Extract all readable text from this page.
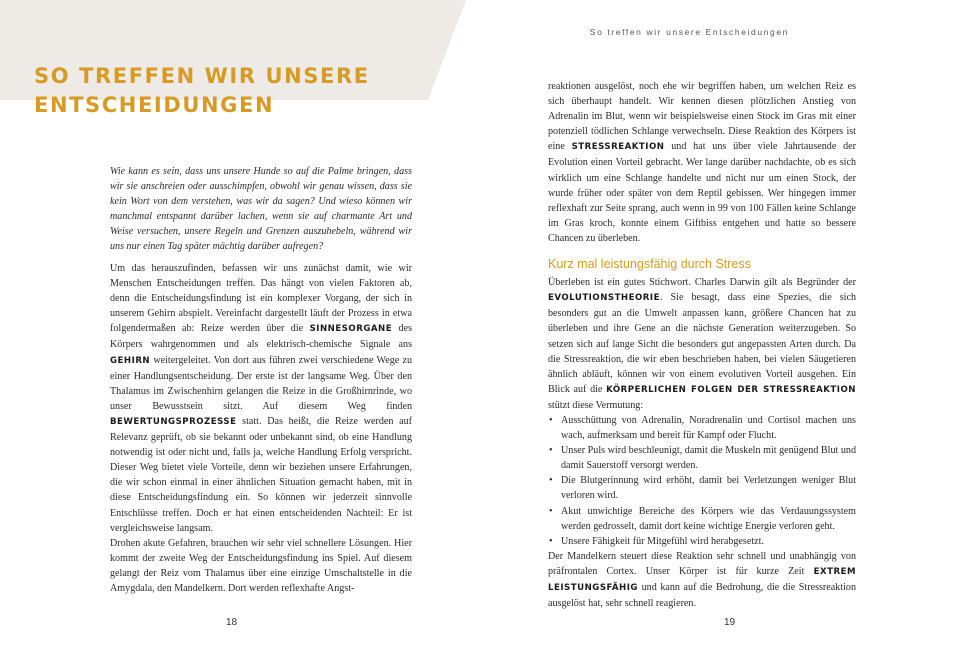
SO TREFFEN WIR UNSERE
ENTSCHEIDUNGEN

Wie kann es sein, dass uns unsere Hunde so auf die Palme bringen, dass wir sie anschreien oder ausschimpfen, obwohl wir genau wissen, dass sie kein Wort von dem verstehen, was wir da sagen? Und wieso können wir manchmal entspannt darüber lachen, wenn sie auf charmante Art und Weise versuchen, unsere Regeln und Grenzen auszuhebeln, während wir uns nur einen Tag später mächtig darüber aufregen?

Um das herauszufinden, befassen wir uns zunächst damit, wie wir Menschen Entscheidungen treffen. Das hängt von vielen Faktoren ab, denn die Entscheidungsfindung ist ein komplexer Vorgang, der sich in unserem Gehirn abspielt. Vereinfacht dargestellt läuft der Prozess in etwa folgendermaßen ab: Reize werden über die SINNESORGANE des Körpers wahrgenommen und als elektrisch-chemische Signale ans GEHIRN weitergeleitet. Von dort aus führen zwei verschiedene Wege zu einer Handlungsentscheidung. Der erste ist der langsame Weg. Über den Thalamus im Zwischenhirn gelangen die Reize in die Großhirnrinde, wo unser Bewusstsein sitzt. Auf diesem Weg finden BEWERTUNGSPROZESSE statt. Das heißt, die Reize werden auf Relevanz geprüft, ob sie bekannt oder unbekannt sind, ob eine Handlung notwendig ist oder nicht und, falls ja, welche Handlung Erfolg verspricht. Dieser Weg bietet viele Vorteile, denn wir beziehen unsere Erfahrungen, die wir schon einmal in einer ähnlichen Situation gemacht haben, mit in diese Entscheidungsfindung ein. So können wir jederzeit sinnvolle Entschlüsse treffen. Doch er hat einen entscheidenden Nachteil: Er ist vergleichsweise langsam.

Drohen akute Gefahren, brauchen wir sehr viel schnellere Lösungen. Hier kommt der zweite Weg der Entscheidungsfindung ins Spiel. Auf diesem gelangt der Reiz vom Thalamus über eine einzige Umschaltstelle in die Amygdala, den Mandelkern. Dort werden reflexhafte Angst-

18

So treffen wir unsere Entscheidungen

19

reaktionen ausgelöst, noch ehe wir begriffen haben, um welchen Reiz es sich überhaupt handelt. Wir kennen diesen plötzlichen Anstieg von Adrenalin im Blut, wenn wir beispielsweise einen Stock im Gras mit einer potenziell tödlichen Schlange verwechseln. Diese Reaktion des Körpers ist eine STRESSREAKTION und hat uns über viele Jahrtausende der Evolution einen Vorteil gebracht. Wer lange darüber nachdachte, ob es sich wirklich um eine Schlange handelte und nicht nur um einen Stock, der wurde früher oder später von dem Reptil gebissen. Wer hingegen immer reflexhaft zur Seite sprang, auch wenn in 99 von 100 Fällen keine Schlange im Gras kroch, konnte einem Giftbiss entgehen und hatte so bessere Chancen zu überleben.

Kurz mal leistungsfähig durch Stress

Überleben ist ein gutes Stichwort. Charles Darwin gilt als Begründer der EVOLUTIONSTHEORIE. Sie besagt, dass eine Spezies, die sich besonders gut an die Umwelt anpassen kann, größere Chancen hat zu überleben und ihre Gene an die nächste Generation weiterzugeben. So setzen sich auf lange Sicht die besonders gut angepassten Arten durch. Da die Stressreaktion, die wir eben beschrieben haben, bei vielen Säugetieren ähnlich abläuft, können wir von einem evolutiven Vorteil ausgehen. Ein Blick auf die KÖRPERLICHEN FOLGEN DER STRESSREAKTION stützt diese Vermutung:

• Ausschüttung von Adrenalin, Noradrenalin und Cortisol machen uns wach, aufmerksam und bereit für Kampf oder Flucht.
• Unser Puls wird beschleunigt, damit die Muskeln mit genügend Blut und damit Sauerstoff versorgt werden.
• Die Blutgerinnung wird erhöht, damit bei Verletzungen weniger Blut verloren wird.
• Akut unwichtige Bereiche des Körpers wie das Verdauungssystem werden gedrosselt, damit dort keine wichtige Energie verloren geht.
• Unsere Fähigkeit für Mitgefühl wird herabgesetzt.

Der Mandelkern steuert diese Reaktion sehr schnell und unabhängig von präfrontalen Cortex. Unser Körper ist für kurze Zeit EXTREM LEISTUNGSFÄHIG und kann auf die Bedrohung, die die Stressreaktion ausgelöst hat, sehr schnell reagieren.
